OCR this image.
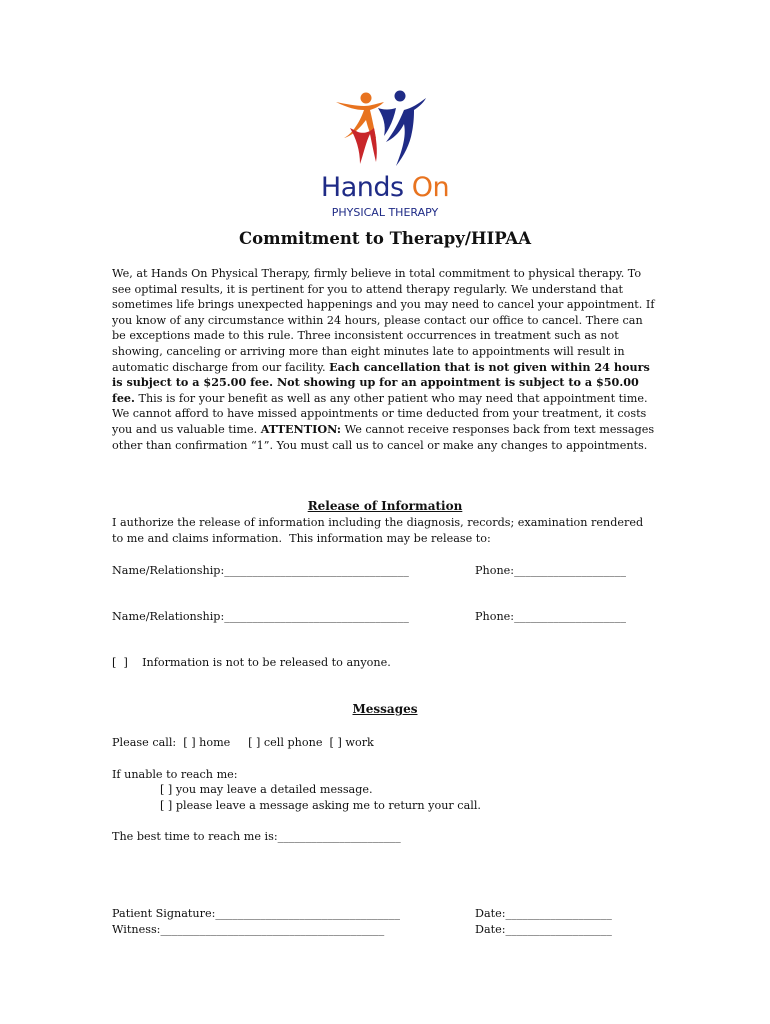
Hands On
PHYSICAL THERAPY
Commitment to Therapy/HIPAA
We, at Hands On Physical Therapy, firmly believe in total commitment to physical therapy. To see optimal results, it is pertinent for you to attend therapy regularly. We understand that sometimes life brings unexpected happenings and you may need to cancel your appointment. If you know of any circumstance within 24 hours, please contact our office to cancel. There can be exceptions made to this rule. Three inconsistent occurrences in treatment such as not showing, canceling or arriving more than eight minutes late to appointments will result in automatic discharge from our facility. Each cancellation that is not given within 24 hours is subject to a $25.00 fee. Not showing up for an appointment is subject to a $50.00 fee. This is for your benefit as well as any other patient who may need that appointment time. We cannot afford to have missed appointments or time deducted from your treatment, it costs you and us valuable time. ATTENTION: We cannot receive responses back from text messages other than confirmation “1”. You must call us to cancel or make any changes to appointments.
Release of Information
I authorize the release of information including the diagnosis, records; examination rendered
to me and claims information.  This information may be release to:
Name/Relationship:_________________________________	Phone:____________________
Name/Relationship:_________________________________	Phone:____________________
[  ]    Information is not to be released to anyone.
Messages
Please call:  [ ] home     [ ] cell phone  [ ] work
If unable to reach me:
[ ] you may leave a detailed message.
[ ] please leave a message asking me to return your call.
The best time to reach me is:______________________
Patient Signature:_________________________________	Date:___________________
Witness:________________________________________	Date:___________________
